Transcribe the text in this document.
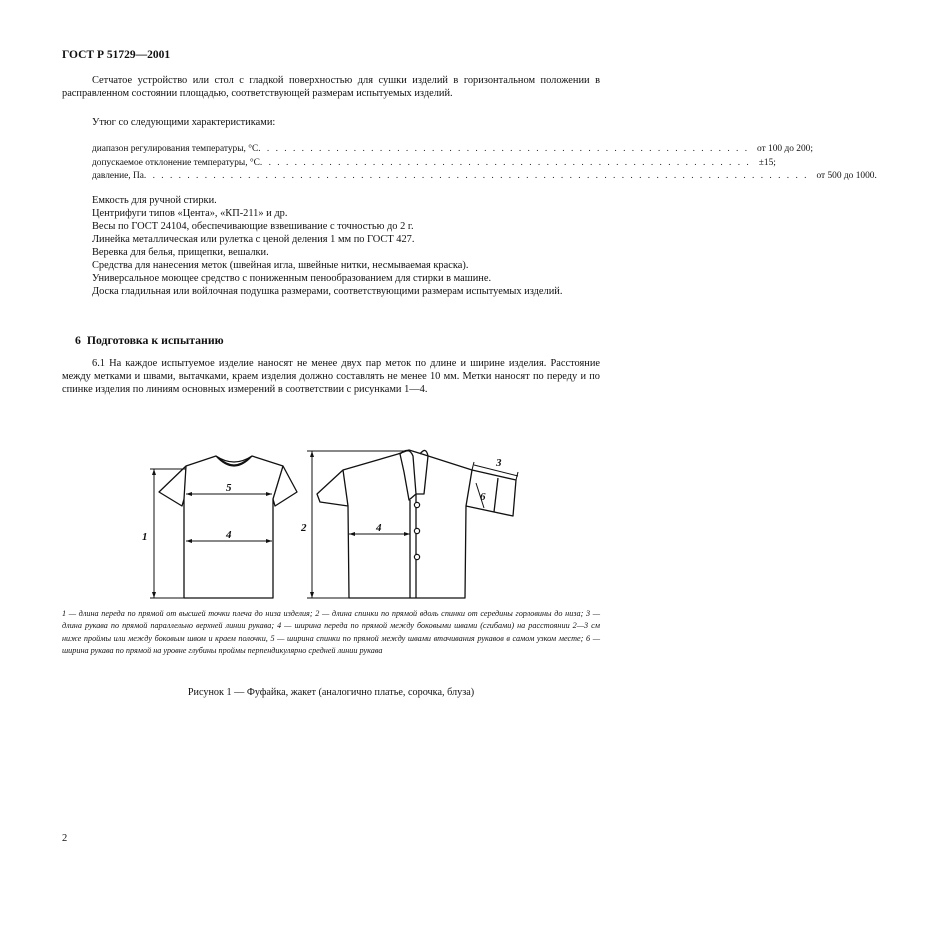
ГОСТ Р 51729—2001
Сетчатое устройство или стол с гладкой поверхностью для сушки изделий в горизонтальном положении в расправленном состоянии площадью, соответствующей размерам испытуемых изделий.
Утюг со следующими характеристиками:
диапазон регулирования температуры, °С . . . . . . . . . . . . . . . . . . . . . . . . . . . . . . . . . . . . . . . . . . . . . . . . . . . . . . . . . от 100 до 200;
допускаемое отклонение температуры, °С . . . . . . . . . . . . . . . . . . . . . . . . . . . . . . . . . . . . . . . . . . . . . . . . . . . . . . . . . ±15;
давление, Па . . . . . . . . . . . . . . . . . . . . . . . . . . . . . . . . . . . . . . . . . . . . . . . . . . . . . . . . . . . . . . . . . . . . . . . . . . . . . от 500 до 1000.
Емкость для ручной стирки.
Центрифуги типов «Цента», «КП-211» и др.
Весы по ГОСТ 24104, обеспечивающие взвешивание с точностью до 2 г.
Линейка металлическая или рулетка с ценой деления 1 мм по ГОСТ 427.
Веревка для белья, прищепки, вешалки.
Средства для нанесения меток (швейная игла, швейные нитки, несмываемая краска).
Универсальное моющее средство с пониженным пенообразованием для стирки в машине.
Доска гладильная или войлочная подушка размерами, соответствующими размерам испытуемых изделий.
6 Подготовка к испытанию
6.1 На каждое испытуемое изделие наносят не менее двух пар меток по длине и ширине изделия. Расстояние между метками и швами, вытачками, краем изделия должно составлять не менее 10 мм. Метки наносят по переду и по спинке изделия по линиям основных измерений в соответствии с рисунками 1—4.
1
2
3
4
4
5
6
1 — длина переда по прямой от высшей точки плеча до низа изделия; 2 — длина спинки по прямой вдоль спинки от середины горловины до низа; 3 — длина рукава по прямой параллельно верхней линии рукава; 4 — ширина переда по прямой между боковыми швами (сгибами) на расстоянии 2—3 см ниже проймы или между боковым швом и краем полочки, 5 — ширина спинки по прямой между швами втачивания рукавов в самом узком месте; 6 — ширина рукава по прямой на уровне глубины проймы перпендикулярно средней линии рукава
Рисунок 1 — Фуфайка, жакет (аналогично платье, сорочка, блуза)
2
